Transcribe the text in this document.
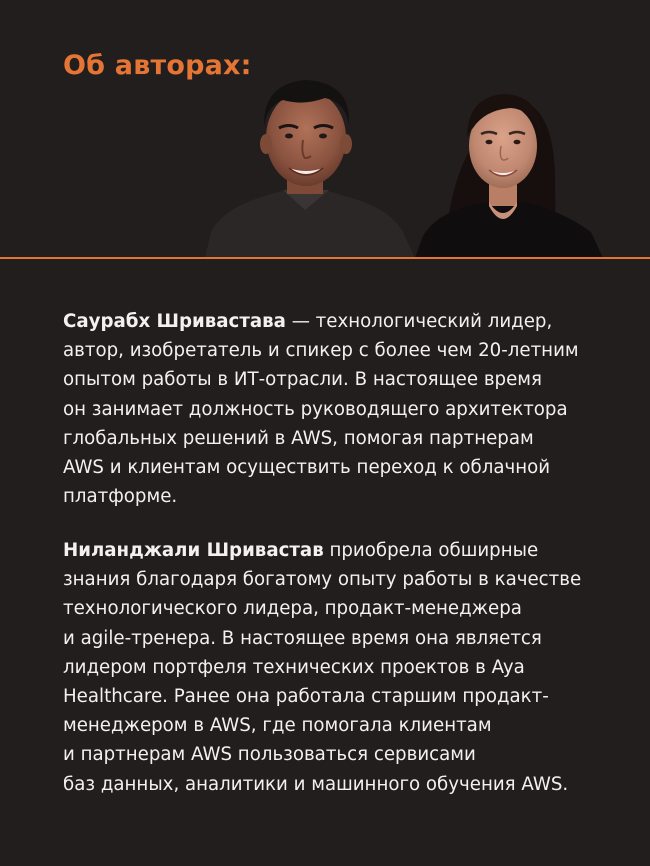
Об авторах:
Саурабх Шривастава — технологический лидер,
автор, изобретатель и спикер с более чем 20-летним
опытом работы в ИТ-отрасли. В настоящее время
он занимает должность руководящего архитектора
глобальных решений в AWS, помогая партнерам
AWS и клиентам осуществить переход к облачной
платформе.
Ниланджали Шривастав приобрела обширные
знания благодаря богатому опыту работы в качестве
технологического лидера, продакт-менеджера
и agile-тренера. В настоящее время она является
лидером портфеля технических проектов в Aya
Healthcare. Ранее она работала старшим продакт-
менеджером в AWS, где помогала клиентам
и партнерам AWS пользоваться сервисами
баз данных, аналитики и машинного обучения AWS.
